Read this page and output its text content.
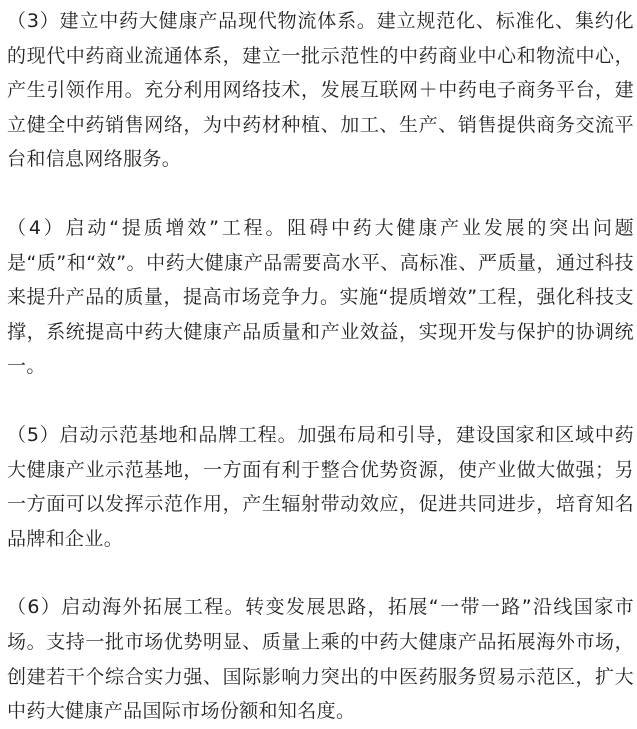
（3）建立中药大健康产品现代物流体系。建立规范化、标准化、集约化的现代中药商业流通体系，建立一批示范性的中药商业中心和物流中心，产生引领作用。充分利用网络技术，发展互联网＋中药电子商务平台，建立健全中药销售网络，为中药材种植、加工、生产、销售提供商务交流平台和信息网络服务。

（4）启动“提质增效”工程。阻碍中药大健康产业发展的突出问题是“质”和“效”。中药大健康产品需要高水平、高标准、严质量，通过科技来提升产品的质量，提高市场竞争力。实施“提质增效”工程，强化科技支撑，系统提高中药大健康产品质量和产业效益，实现开发与保护的协调统一。

（5）启动示范基地和品牌工程。加强布局和引导，建设国家和区域中药大健康产业示范基地，一方面有利于整合优势资源，使产业做大做强；另一方面可以发挥示范作用，产生辐射带动效应，促进共同进步，培育知名品牌和企业。

（6）启动海外拓展工程。转变发展思路，拓展“一带一路”沿线国家市场。支持一批市场优势明显、质量上乘的中药大健康产品拓展海外市场，创建若干个综合实力强、国际影响力突出的中医药服务贸易示范区，扩大中药大健康产品国际市场份额和知名度。
